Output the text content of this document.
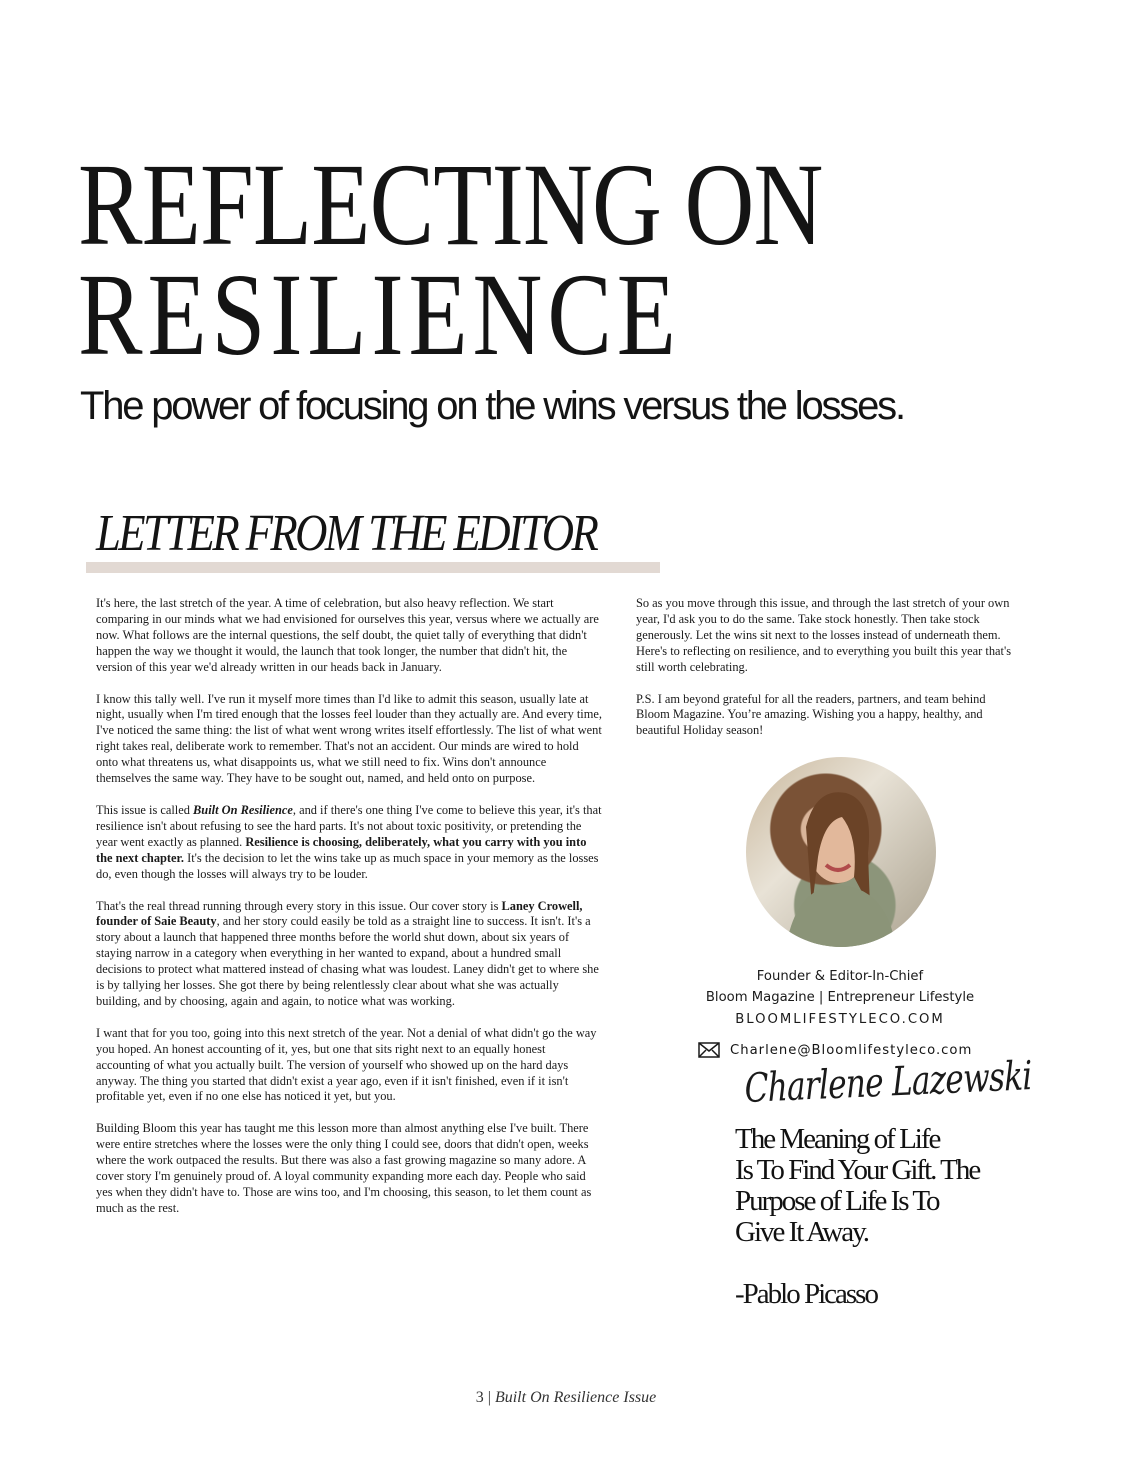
REFLECTING ON
RESILIENCE
The power of focusing on the wins versus the losses.
LETTER FROM THE EDITOR

It's here, the last stretch of the year. A time of celebration, but also heavy reflection. We start comparing in our minds what we had envisioned for ourselves this year, versus where we actually are now. What follows are the internal questions, the self doubt, the quiet tally of everything that didn't happen the way we thought it would, the launch that took longer, the number that didn't hit, the version of this year we'd already written in our heads back in January.

I know this tally well. I've run it myself more times than I'd like to admit this season, usually late at night, usually when I'm tired enough that the losses feel louder than they actually are. And every time, I've noticed the same thing: the list of what went wrong writes itself effortlessly. The list of what went right takes real, deliberate work to remember. That's not an accident. Our minds are wired to hold onto what threatens us, what disappoints us, what we still need to fix. Wins don't announce themselves the same way. They have to be sought out, named, and held onto on purpose.

This issue is called Built On Resilience, and if there's one thing I've come to believe this year, it's that resilience isn't about refusing to see the hard parts. It's not about toxic positivity, or pretending the year went exactly as planned. Resilience is choosing, deliberately, what you carry with you into the next chapter. It's the decision to let the wins take up as much space in your memory as the losses do, even though the losses will always try to be louder.

That's the real thread running through every story in this issue. Our cover story is Laney Crowell, founder of Saie Beauty, and her story could easily be told as a straight line to success. It isn't. It's a story about a launch that happened three months before the world shut down, about six years of staying narrow in a category when everything in her wanted to expand, about a hundred small decisions to protect what mattered instead of chasing what was loudest. Laney didn't get to where she is by tallying her losses. She got there by being relentlessly clear about what she was actually building, and by choosing, again and again, to notice what was working.

I want that for you too, going into this next stretch of the year. Not a denial of what didn't go the way you hoped. An honest accounting of it, yes, but one that sits right next to an equally honest accounting of what you actually built. The version of yourself who showed up on the hard days anyway. The thing you started that didn't exist a year ago, even if it isn't finished, even if it isn't profitable yet, even if no one else has noticed it yet, but you.

Building Bloom this year has taught me this lesson more than almost anything else I've built. There were entire stretches where the losses were the only thing I could see, doors that didn't open, weeks where the work outpaced the results. But there was also a fast growing magazine so many adore. A cover story I'm genuinely proud of. A loyal community expanding more each day. People who said yes when they didn't have to. Those are wins too, and I'm choosing, this season, to let them count as much as the rest.

So as you move through this issue, and through the last stretch of your own year, I'd ask you to do the same. Take stock honestly. Then take stock generously. Let the wins sit next to the losses instead of underneath them.

Here's to reflecting on resilience, and to everything you built this year that's still worth celebrating.

P.S. I am beyond grateful for all the readers, partners, and team behind Bloom Magazine. You’re amazing. Wishing you a happy, healthy, and beautiful Holiday season!

Founder & Editor-In-Chief
Bloom Magazine | Entrepreneur Lifestyle
BLOOMLIFESTYLECO.COM
Charlene@Bloomlifestyleco.com
Charlene Lazewski
The Meaning of Life
Is To Find Your Gift. The
Purpose of Life Is To
Give It Away.
-Pablo Picasso
3 | Built On Resilience Issue
